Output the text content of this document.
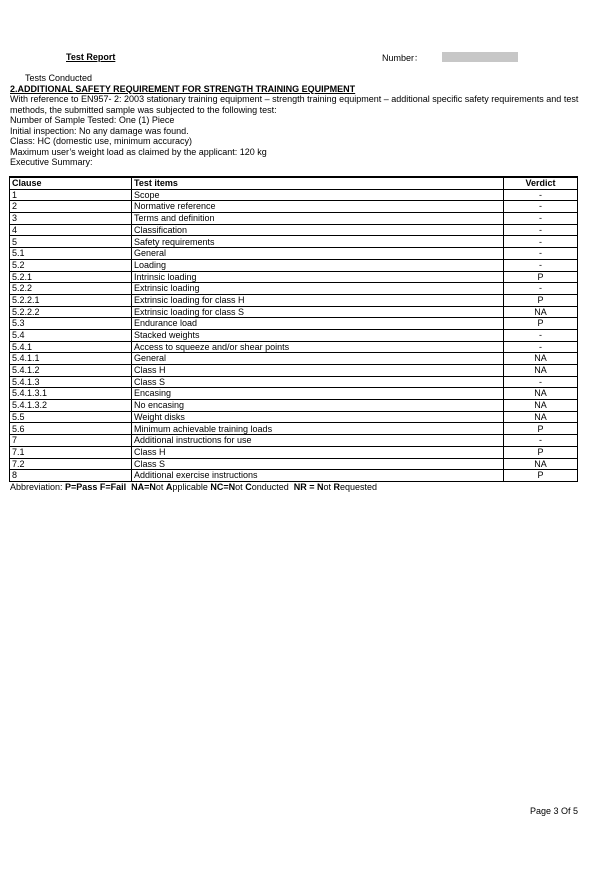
Test Report	Number：
Tests Conducted
2.ADDITIONAL SAFETY REQUIREMENT FOR STRENGTH TRAINING EQUIPMENT
With reference to EN957- 2: 2003 stationary training equipment – strength training equipment – additional specific safety requirements and test methods, the submitted sample was subjected to the following test:
Number of Sample Tested: One (1) Piece
Initial inspection: No any damage was found.
Class: HC (domestic use, minimum accuracy)
Maximum user’s weight load as claimed by the applicant: 120 kg
Executive Summary:
Clause	Test items	Verdict
1	Scope	-
2	Normative reference	-
3	Terms and definition	-
4	Classification	-
5	Safety requirements	-
5.1	General	-
5.2	Loading	-
5.2.1	Intrinsic loading	P
5.2.2	Extrinsic loading	-
5.2.2.1	Extrinsic loading for class H	P
5.2.2.2	Extrinsic loading for class S	NA
5.3	Endurance load	P
5.4	Stacked weights	-
5.4.1	Access to squeeze and/or shear points	-
5.4.1.1	General	NA
5.4.1.2	Class H	NA
5.4.1.3	Class S	-
5.4.1.3.1	Encasing	NA
5.4.1.3.2	No encasing	NA
5.5	Weight disks	NA
5.6	Minimum achievable training loads	P
7	Additional instructions for use	-
7.1	Class H	P
7.2	Class S	NA
8	Additional exercise instructions	P
Abbreviation: P=Pass F=Fail  NA=Not Applicable NC=Not Conducted  NR = Not Requested
Page 3 Of 5
